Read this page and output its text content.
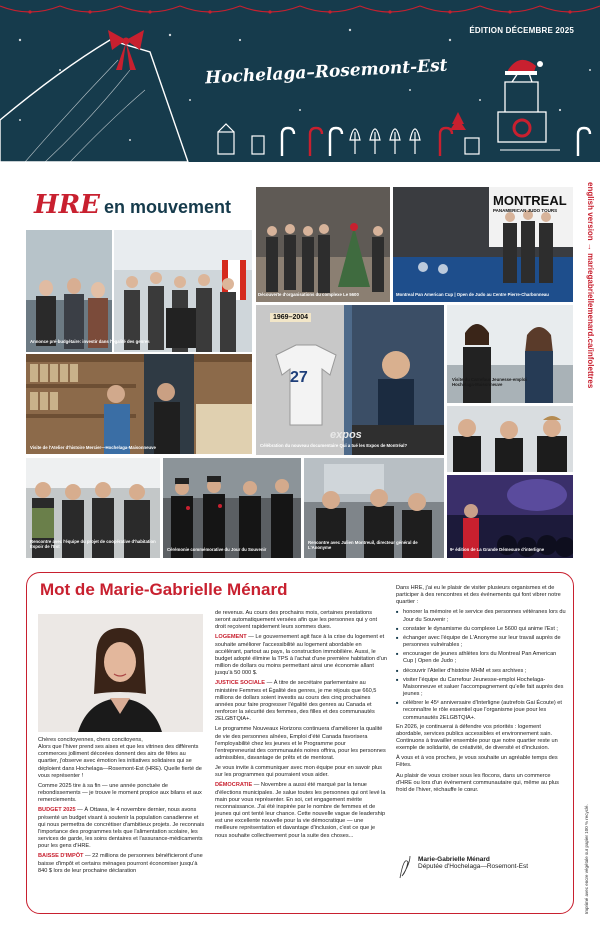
ÉDITION DÉCEMBRE 2025
Hochelaga–Rosemont-Est
HRE en mouvement
Annonce pré-budgétaire: investir dans l'égalité des genres
Découverte d'organisations du complexe Le 5600
MONTREAL
PANAMERICAN JUDO TOURS
Montreal Pan American Cup | Open de Judo au Centre Pierre-Charbonneau
Visite de l'Atelier d'histoire Mercier—Hochelaga-Maisonneuve
1969–2004
27
expos
Célébration du nouveau documentaire Qui a tué les Expos de Montréal?
Visite du Carrefour Jeunesse-emploi Hochelaga-Maisonneuve
Rencontre avec l'équipe du projet de coopérative d'habitation Espoir de l'Est
Cérémonie commémorative du Jour du Souvenir
Rencontre avec Julien Montreuil, directeur général de L'Anonyme	9ᵉ édition de La Grande Démesure d'interligne
english version → mariegabriellemenard.ca/infolettres
Imprimé avec encre végétale sur papier 100 % recyclé.
Mot de Marie-Gabrielle Ménard

Chères concitoyennes, chers concitoyens,

Alors que l'hiver prend ses aises et que les vitrines des différents commerces jolliment décorées donnent des airs de fêtes au quartier, j'observe avec émotion les initiatives solidaires qui se déploient dans Hochelaga—Rosemont-Est (HRE). Quelle fierté de vous représenter !

Comme 2025 tire à sa fin — une année ponctuée de rebondissements — je trouve le moment propice aux bilans et aux remerciements.

BUDGET 2025 — À Ottawa, le 4 novembre dernier, nous avons présenté un budget visant à soutenir la population canadienne et qui nous permettra de concrétiser d'ambitieux projets. Je reconnais l'importance des programmes tels que l'alimentation scolaire, les services de garde, les soins dentaires et l'assurance-médicaments pour les gens d'HRE.

BAISSE D'IMPÔT — 22 millions de personnes bénéficieront d'une baisse d'impôt et certains ménages pourront économiser jusqu'à 840 $ lors de leur prochaine déclaration

de revenus. Au cours des prochains mois, certaines prestations seront automatiquement versées afin que les personnes qui y ont droit reçoivent rapidement leurs sommes dues.

LOGEMENT — Le gouvernement agit face à la crise du logement et souhaite améliorer l'accessibilité au logement abordable en accélérant, partout au pays, la construction immobilière. Aussi, le budget adopté élimine la TPS à l'achat d'une première habitation d'un million de dollars ou moins permettant ainsi une économie allant jusqu'à 50 000 $.

JUSTICE SOCIALE — À titre de secrétaire parlementaire au ministère Femmes et Égalité des genres, je me réjouis que 660,5 millions de dollars soient investis au cours des cinq prochaines années pour faire progresser l'égalité des genres au Canada et renforcer la sécurité des femmes, des filles et des communautés 2ELGBTQIA+.

Le programme Nouveaux Horizons continuera d'améliorer la qualité de vie des personnes aînées, Emploi d'été Canada favorisera l'employabilité chez les jeunes et le Programme pour l'entrepreneuriat des communautés noires offrira, pour les personnes admissibles, davantage de prêts et de mentorat.

Je vous invite à communiquer avec mon équipe pour en savoir plus sur les programmes qui pourraient vous aider.

DÉMOCRATIE — Novembre a aussi été marqué par la tenue d'élections municipales. Je salue toutes les personnes qui ont levé la main pour vous représenter. En soi, cet engagement mérite reconnaissance. J'ai été inspirée par le nombre de femmes et de jeunes qui ont tenté leur chance. Cette nouvelle vague de leadership est une excellente nouvelle pour la vie démocratique — une meilleure représentation et davantage d'inclusion, c'est ce que je nous souhaite collectivement pour la suite des choses...

Dans HRE, j'ai eu le plaisir de visiter plusieurs organismes et de participer à des rencontres et des événements qui font vibrer notre quartier :

■ honorer la mémoire et le service des personnes vétéranes lors du Jour du Souvenir ;
■ constater le dynamisme du complexe Le 5600 qui anime l'Est ;
■ échanger avec l'équipe de L'Anonyme sur leur travail auprès de personnes vulnérables ;
■ encourager de jeunes athlètes lors du Montreal Pan American Cup | Open de Judo ;
■ découvrir l'Atelier d'histoire MHM et ses archives ;
■ visiter l'équipe du Carrefour Jeunesse-emploi Hochelaga-Maisonneuve et saluer l'accompagnement qu'elle fait auprès des jeunes ;
■ célébrer le 45ᵉ anniversaire d'Interligne (autrefois Gai Écoute) et reconnaître le rôle essentiel que l'organisme joue pour les communautés 2ELGBTQIA+.

En 2026, je continuerai à défendre vos priorités : logement abordable, services publics accessibles et environnement sain. Continuons à travailler ensemble pour que notre quartier reste un exemple de solidarité, de créativité, de diversité et d'inclusion.

À vous et à vos proches, je vous souhaite un agréable temps des Fêtes.

Au plaisir de vous croiser sous les flocons, dans un commerce d'HRE ou lors d'un événement communautaire qui, même au plus froid de l'hiver, réchauffe le cœur.

Marie-Gabrielle Ménard
Députée d'Hochelaga—Rosemont-Est
